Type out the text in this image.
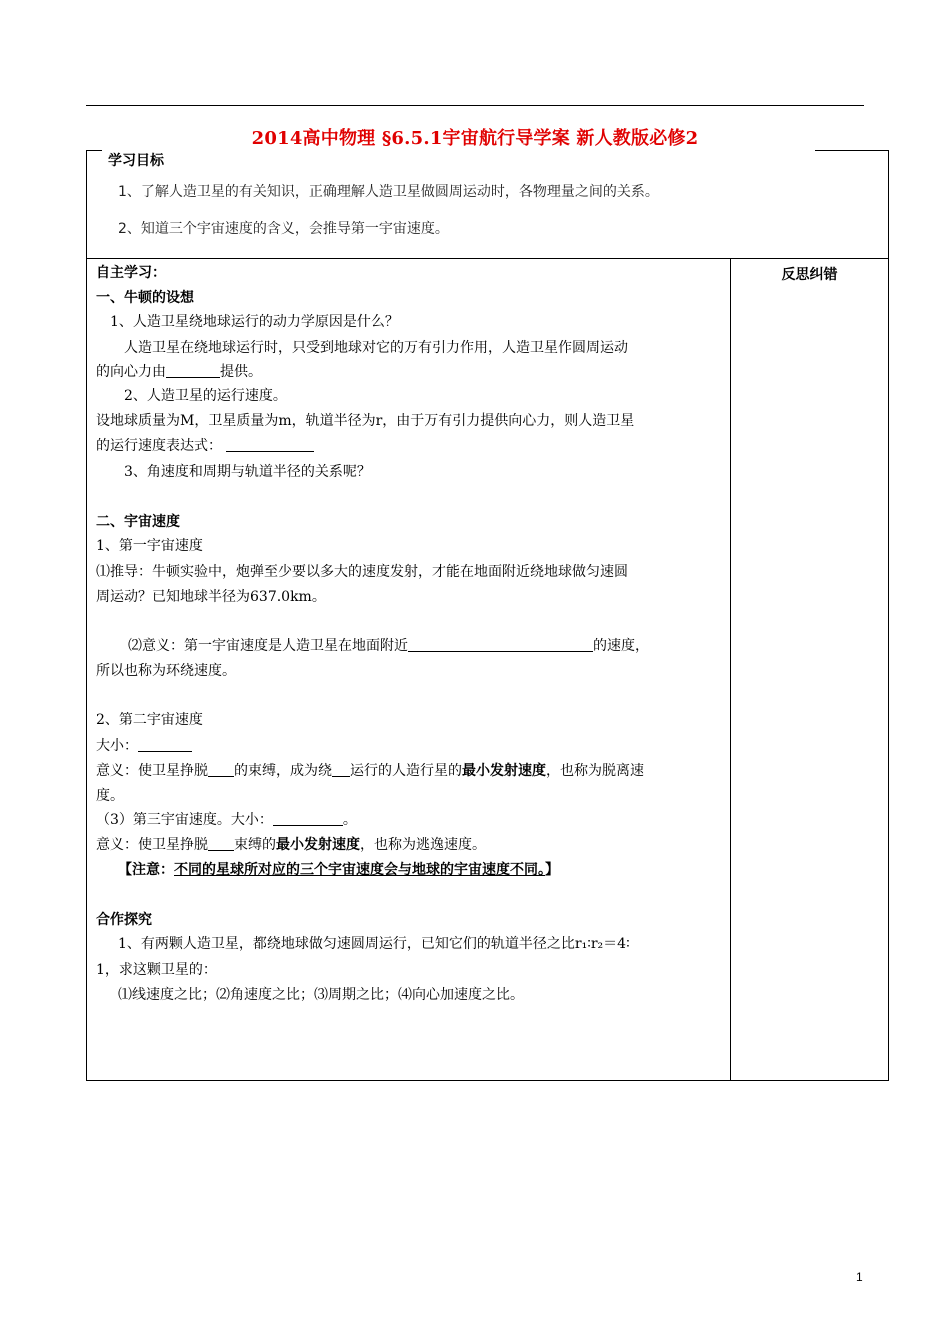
2014高中物理 §6.5.1宇宙航行导学案 新人教版必修2
学习目标
1、了解人造卫星的有关知识，正确理解人造卫星做圆周运动时，各物理量之间的关系。
2、知道三个宇宙速度的含义，会推导第一宇宙速度。
反思纠错
自主学习：
一、牛顿的设想
1、人造卫星绕地球运行的动力学原因是什么？
人造卫星在绕地球运行时，只受到地球对它的万有引力作用，人造卫星作圆周运动
的向心力由	提供。
2、人造卫星的运行速度。
设地球质量为M，卫星质量为m，轨道半径为r，由于万有引力提供向心力，则人造卫星
的运行速度表达式：
3、角速度和周期与轨道半径的关系呢？
二、宇宙速度
1、第一宇宙速度
⑴推导：牛顿实验中，炮弹至少要以多大的速度发射，才能在地面附近绕地球做匀速圆
周运动？已知地球半径为637.0km。
⑵意义：第一宇宙速度是人造卫星在地面附近	的速度，
所以也称为环绕速度。
2、第二宇宙速度
大小：
意义：使卫星挣脱 的束缚，成为绕 运行的人造行星的最小发射速度，也称为脱离速
度。
（3）第三宇宙速度。大小：	。
意义：使卫星挣脱 束缚的最小发射速度，也称为逃逸速度。
【注意：不同的星球所对应的三个宇宙速度会与地球的宇宙速度不同。】
合作探究
1、有两颗人造卫星，都绕地球做匀速圆周运行，已知它们的轨道半径之比r₁∶r₂＝4∶
1，求这颗卫星的：
⑴线速度之比；⑵角速度之比；⑶周期之比；⑷向心加速度之比。
1
